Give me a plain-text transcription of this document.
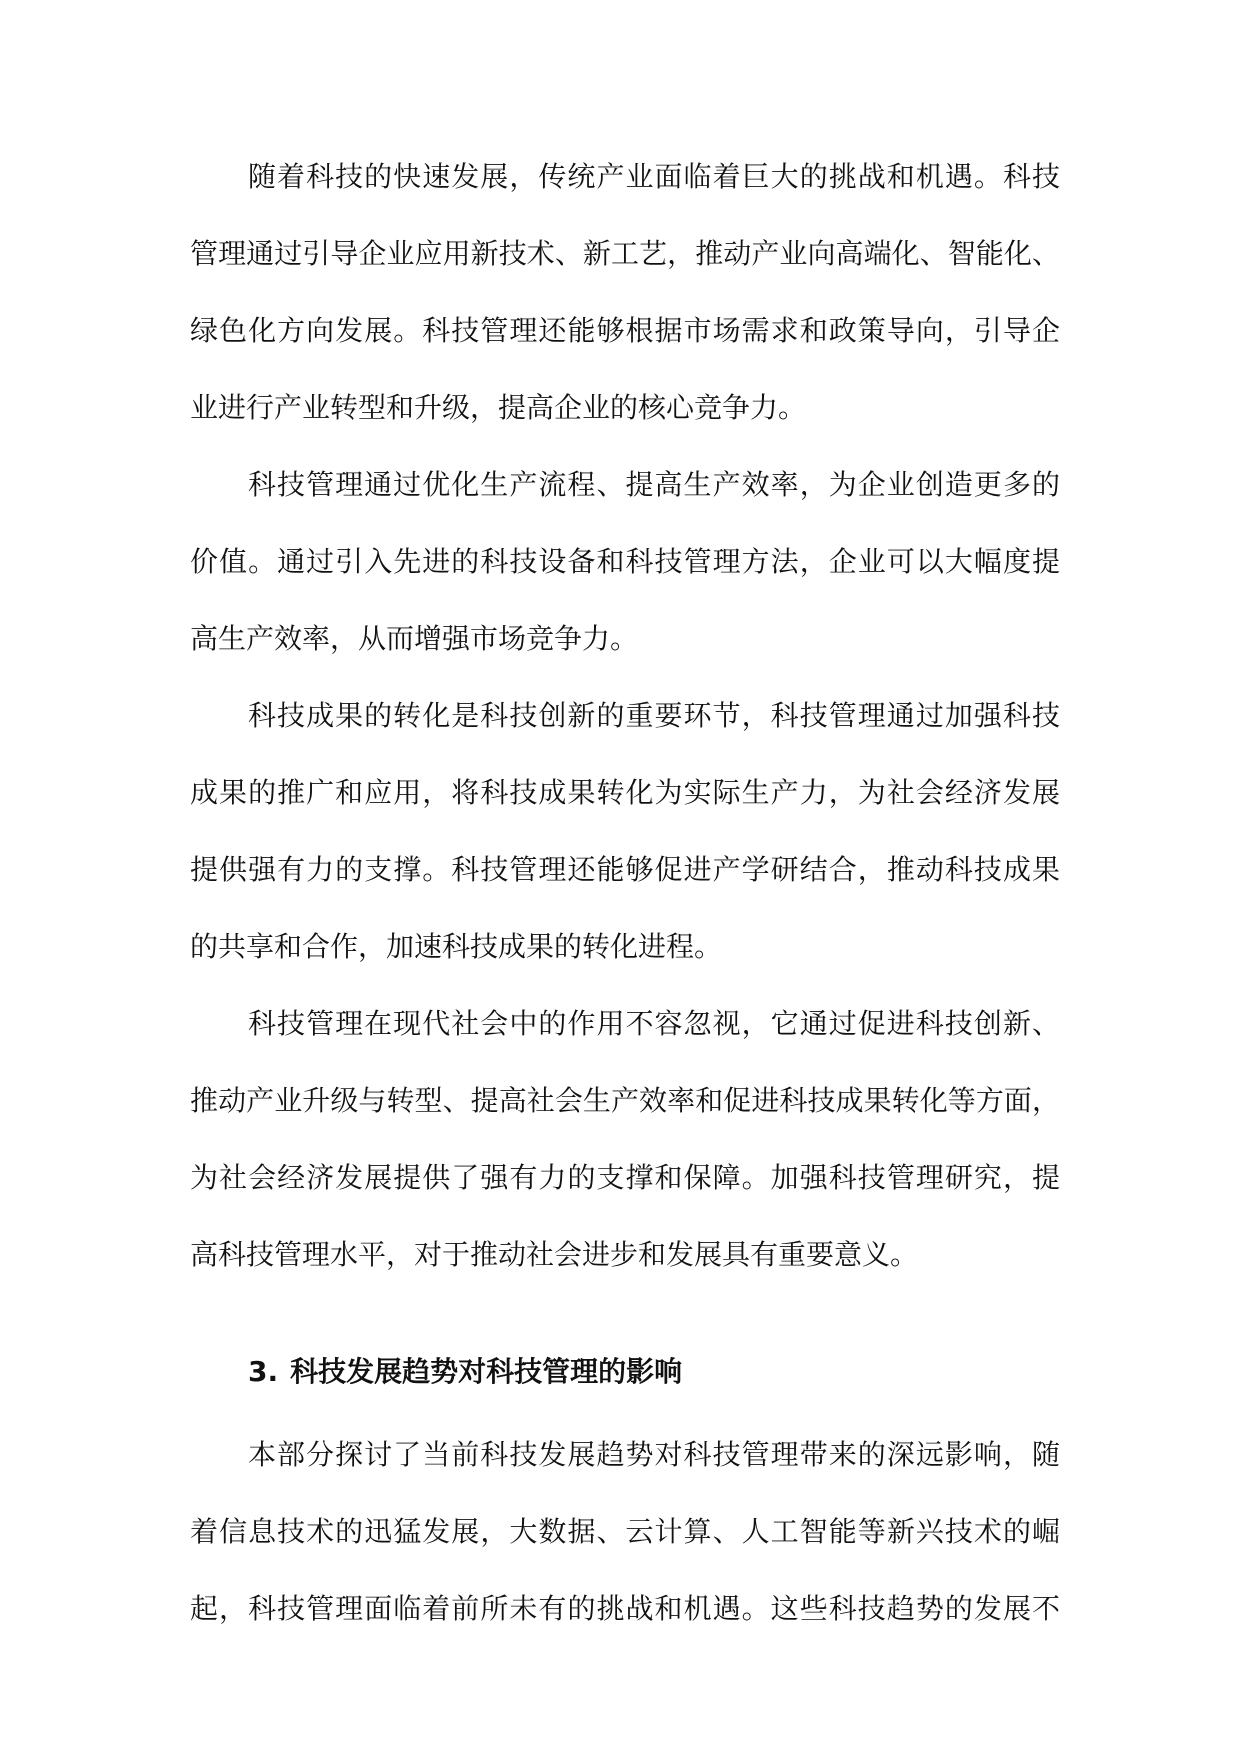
随着科技的快速发展，传统产业面临着巨大的挑战和机遇。科技
管理通过引导企业应用新技术、新工艺，推动产业向高端化、智能化、
绿色化方向发展。科技管理还能够根据市场需求和政策导向，引导企
业进行产业转型和升级，提高企业的核心竞争力。
科技管理通过优化生产流程、提高生产效率，为企业创造更多的
价值。通过引入先进的科技设备和科技管理方法，企业可以大幅度提
高生产效率，从而增强市场竞争力。
科技成果的转化是科技创新的重要环节，科技管理通过加强科技
成果的推广和应用，将科技成果转化为实际生产力，为社会经济发展
提供强有力的支撑。科技管理还能够促进产学研结合，推动科技成果
的共享和合作，加速科技成果的转化进程。
科技管理在现代社会中的作用不容忽视，它通过促进科技创新、
推动产业升级与转型、提高社会生产效率和促进科技成果转化等方面，
为社会经济发展提供了强有力的支撑和保障。加强科技管理研究，提
高科技管理水平，对于推动社会进步和发展具有重要意义。
3. 科技发展趋势对科技管理的影响
本部分探讨了当前科技发展趋势对科技管理带来的深远影响，随
着信息技术的迅猛发展，大数据、云计算、人工智能等新兴技术的崛
起，科技管理面临着前所未有的挑战和机遇。这些科技趋势的发展不
